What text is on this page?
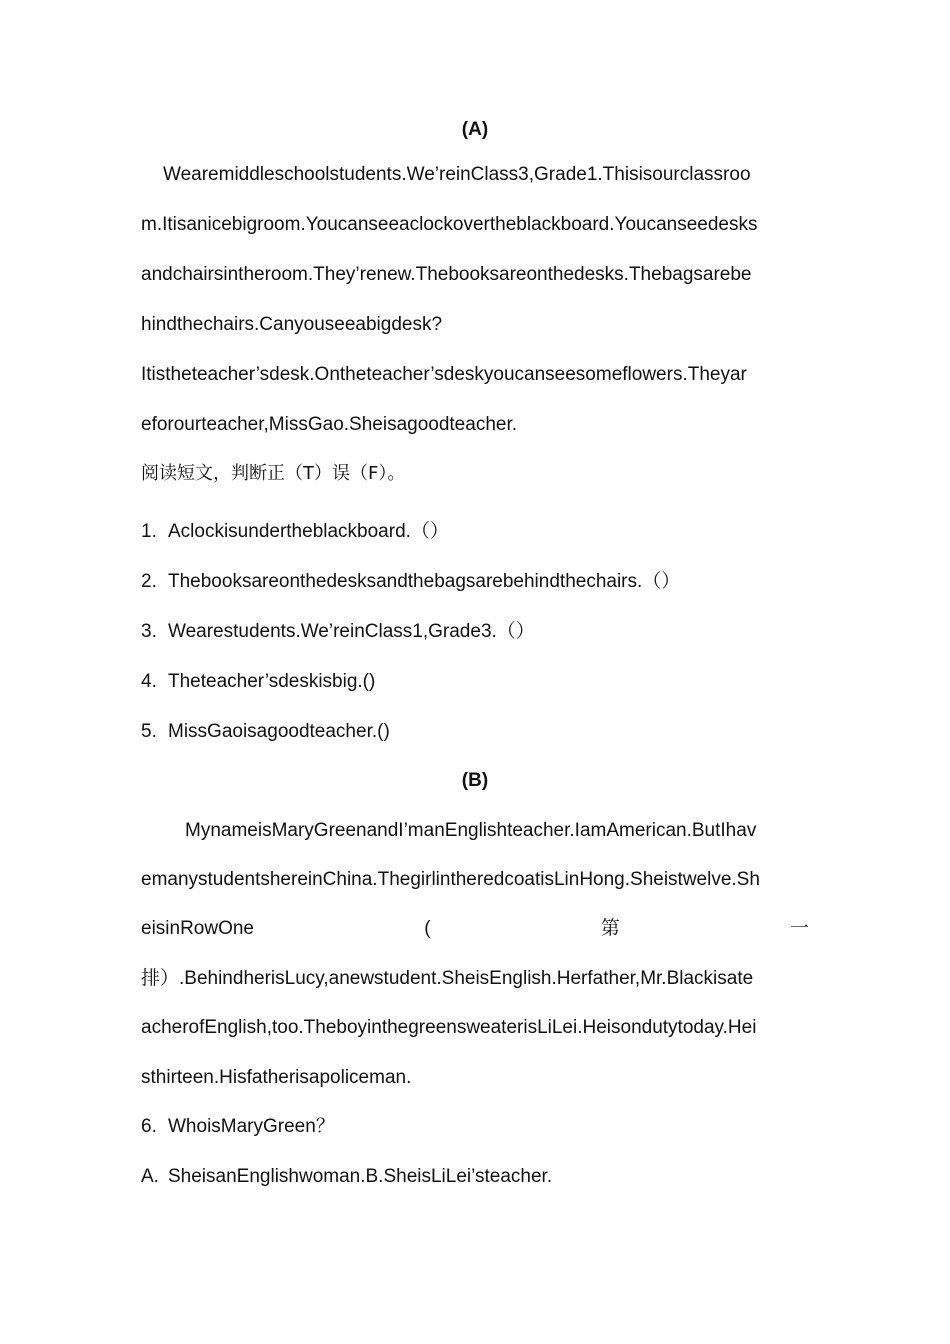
(A)
Wearemiddleschoolstudents.We’reinClass3,Grade1.Thisisourclassroo
m.Itisanicebigroom.Youcanseeaclockovertheblackboard.Youcanseedesks
andchairsintheroom.They’renew.Thebooksareonthedesks.Thebagsarebe
hindthechairs.Canyouseeabigdesk?
Itistheteacher’sdesk.Ontheteacher’sdeskyoucanseesomeflowers.Theyar
eforourteacher,MissGao.Sheisagoodteacher.
阅读短文，判断正（T）误（F）。
1. Aclockisundertheblackboard.（）
2. Thebooksareonthedesksandthebagsarebehindthechairs.（）
3. Wearestudents.We’reinClass1,Grade3.（）
4. Theteacher’sdeskisbig.()
5. MissGaoisagoodteacher.()
(B)
MynameisMaryGreenandI’manEnglishteacher.IamAmerican.ButIhav
emanystudentshereinChina.ThegirlintheredcoatisLinHong.Sheistwelve.Sh
eisinRowOne	(	第	一
排）.BehindherisLucy,anewstudent.SheisEnglish.Herfather,Mr.Blackisate
acherofEnglish,too.TheboyinthegreensweaterisLiLei.Heisondutytoday.Hei
sthirteen.Hisfatherisapoliceman.
6. WhoisMaryGreen？
A. SheisanEnglishwoman.B.SheisLiLei’steacher.
